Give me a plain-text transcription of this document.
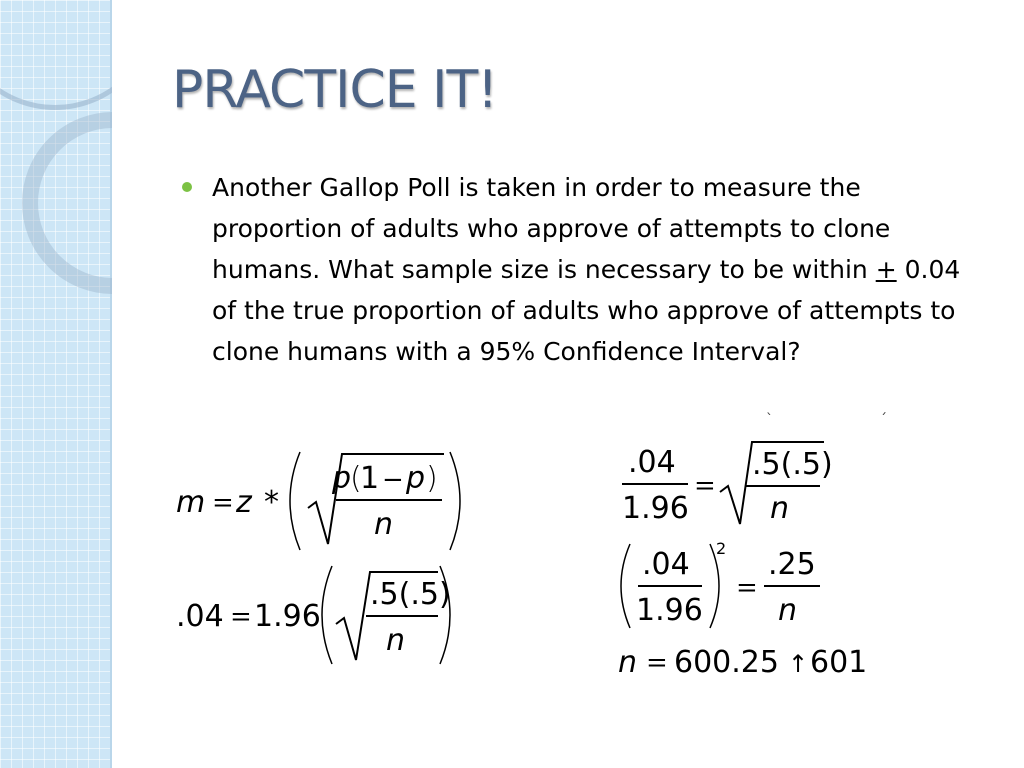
PRACTICE IT!

Another Gallop Poll is taken in order to measure the proportion of adults who approve of attempts to clone humans. What sample size is necessary to be within + 0.04 of the true proportion of adults who approve of attempts to clone humans with a 95% Confidence Interval?

`	´
m = z *
p
(
1 − p )
n
.04 = 1.96
.5(.5)
n
.04
1.96
=
.5(.5)
n
.04
1.96
2
=
.25
n
n = 600.25 ↑ 601
